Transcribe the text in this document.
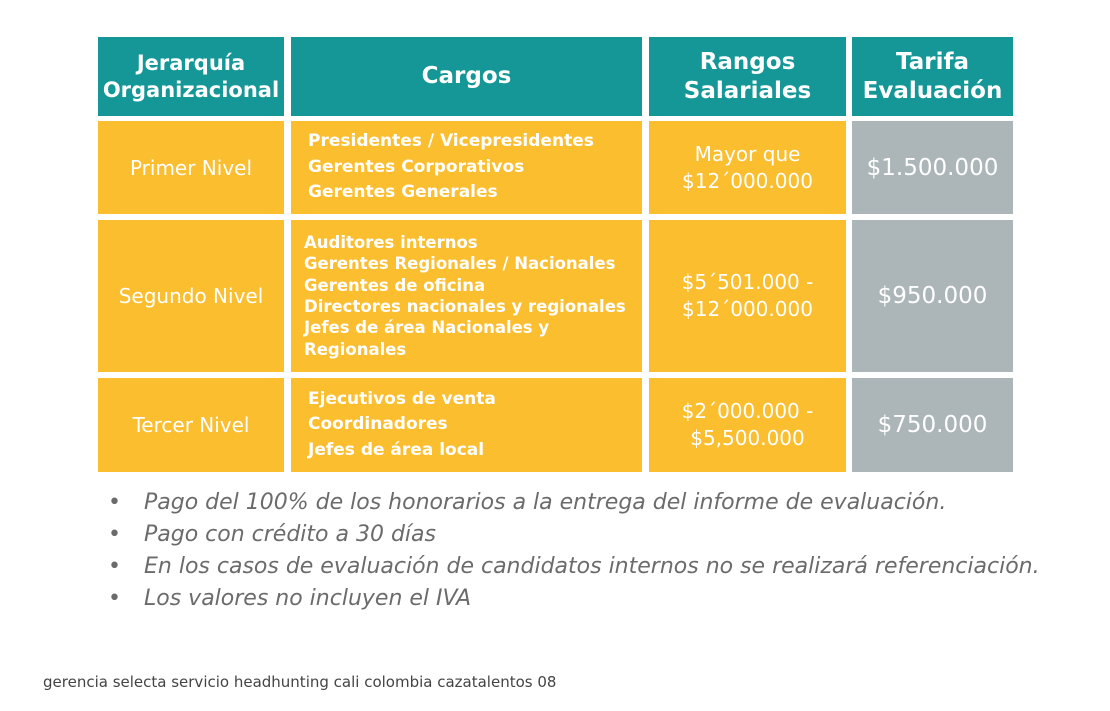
Jerarquía
Organizacional
Cargos
Rangos
Salariales
Tarifa
Evaluación
Primer Nivel
Presidentes / Vicepresidentes
Gerentes Corporativos
Gerentes Generales
Mayor que
$12´000.000 $1.500.000
Segundo Nivel
Auditores internos
Gerentes Regionales / Nacionales
Gerentes de oficina
Directores nacionales y regionales
Jefes de área Nacionales y
Regionales
$5´501.000 -
$12´000.000	$950.000
Tercer Nivel
Ejecutivos de venta
Coordinadores
Jefes de área local
$2´000.000 -
$5,500.000	$750.000
• Pago del 100% de los honorarios a la entrega del informe de evaluación.
• Pago con crédito a 30 días
• En los casos de evaluación de candidatos internos no se realizará referenciación.
• Los valores no incluyen el IVA
gerencia selecta servicio headhunting cali colombia cazatalentos 08
